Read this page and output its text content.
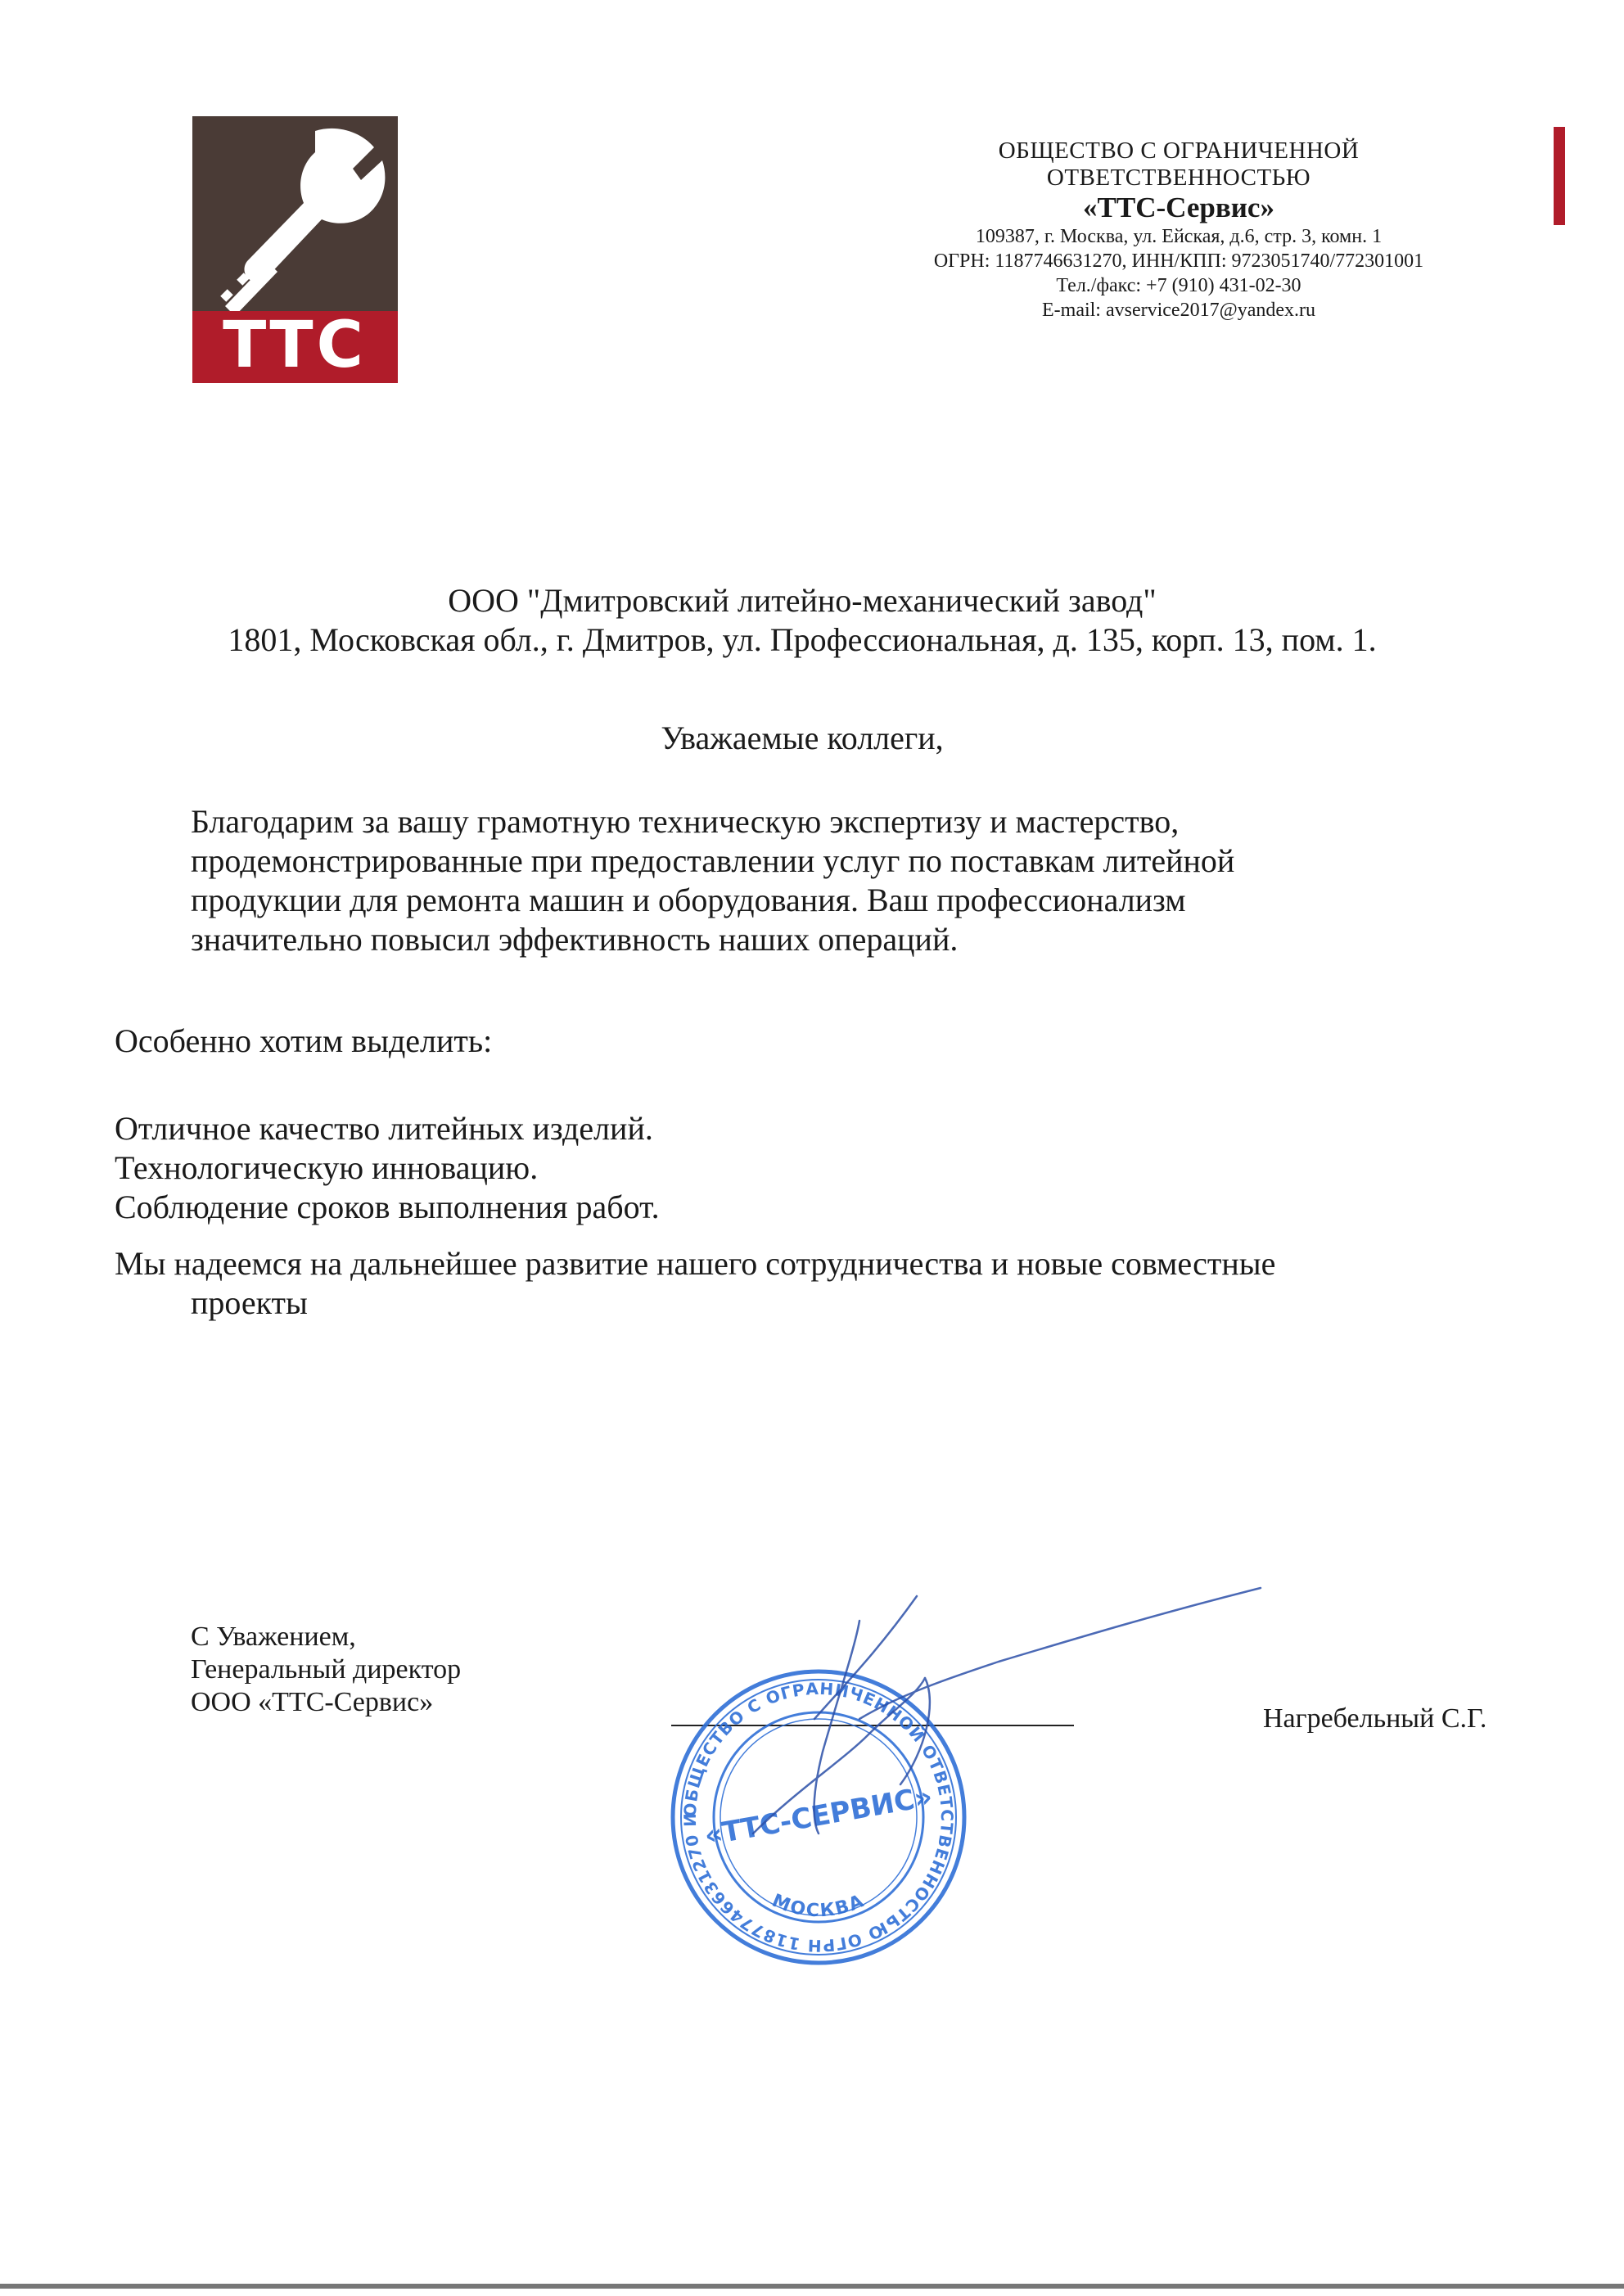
ТТС
ОБЩЕСТВО С ОГРАНИЧЕННОЙ
ОТВЕТСТВЕННОСТЬЮ
«ТТС-Сервис»
109387, г. Москва, ул. Ейская, д.6, стр. 3, комн. 1
ОГРН: 1187746631270, ИНН/КПП: 9723051740/772301001
Тел./факс: +7 (910) 431-02-30
E-mail: avservice2017@yandex.ru
ООО "Дмитровский литейно-механический завод"
1801, Московская обл., г. Дмитров, ул. Профессиональная, д. 135, корп. 13, пом. 1.
Уважаемые коллеги,
Благодарим за вашу грамотную техническую экспертизу и мастерство,
продемонстрированные при предоставлении услуг по поставкам литейной
продукции для ремонта машин и оборудования. Ваш профессионализм
значительно повысил эффективность наших операций.
Особенно хотим выделить:
Отличное качество литейных изделий.
Технологическую инновацию.
Соблюдение сроков выполнения работ.
Мы надеемся на дальнейшее развитие нашего сотрудничества и новые совместные
проекты
С Уважением,
Генеральный директор
ООО «ТТС-Сервис»
Нагребельный С.Г.
ОБЩЕСТВО С ОГРАНИЧЕННОЙ ОТВЕТСТВЕННОСТЬЮ ОГРН 1187746631270 И
МОСКВА
«ТТС-СЕРВИС»
